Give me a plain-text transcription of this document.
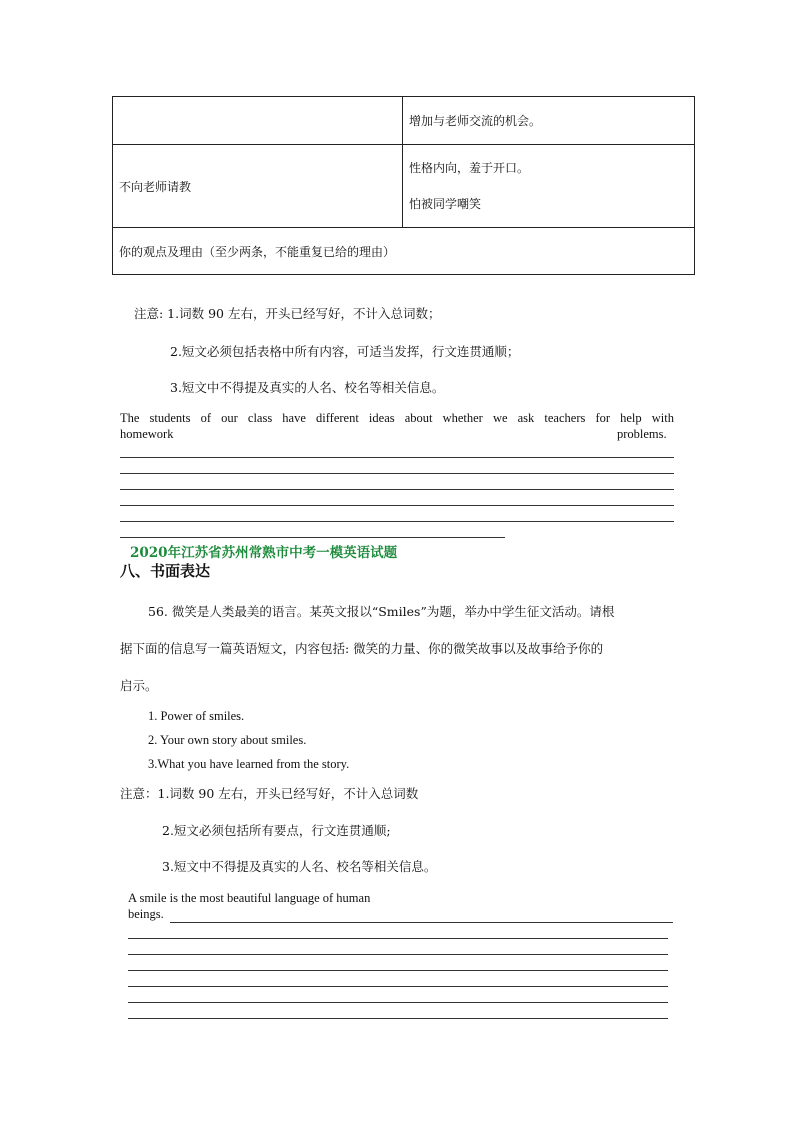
	增加与老师交流的机会。
不向老师请教	性格内向，羞于开口。
怕被同学嘲笑

你的观点及理由（至少两条，不能重复已给的理由）	
注意: 1.词数 90 左右，开头已经写好，不计入总词数；
2.短文必须包括表格中所有内容，可适当发挥，行文连贯通顺；
3.短文中不得提及真实的人名、校名等相关信息。
The students of our class have different ideas about whether we ask teachers for help with
homework	problems.
2020年江苏省苏州常熟市中考一模英语试题
八、书面表达
56. 微笑是人类最美的语言。某英文报以“Smiles”为题，举办中学生征文活动。请根
据下面的信息写一篇英语短文，内容包括: 微笑的力量、你的微笑故事以及故事给予你的
启示。
1. Power of smiles.
2. Your own story about smiles.
3.What you have learned from the story.
注意：1.词数 90 左右，开头已经写好，不计入总词数
2.短文必须包括所有要点，行文连贯通顺;
3.短文中不得提及真实的人名、校名等相关信息。
A smile is the most beautiful language of human
beings.
